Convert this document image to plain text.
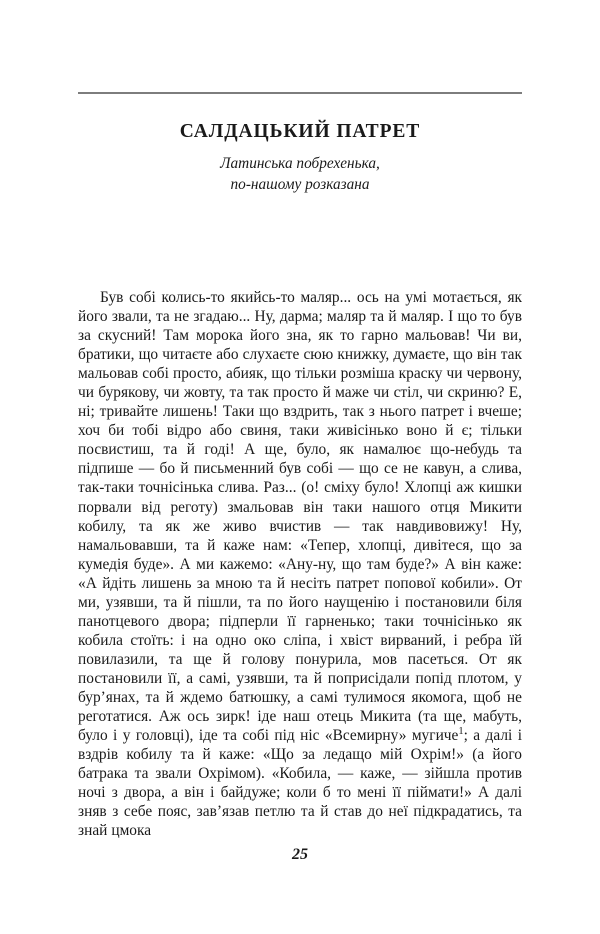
САЛДАЦЬКИЙ ПАТРЕТ
Латинська побрехенька,
по-нашому розказана

Був собі колись-то якийсь-то маляр... ось на умі мотається, як його звали, та не згадаю... Ну, дарма; маляр та й маляр. І що то був за скусний! Там морока його зна, як то гарно мальовав! Чи ви, братики, що читаєте або слухаєте сюю книжку, думаєте, що він так мальовав собі просто, абияк, що тільки розміша краску чи червону, чи бурякову, чи жовту, та так просто й маже чи стіл, чи скриню? Е, ні; тривайте лишень! Таки що вздрить, так з нього патрет і вчеше; хоч би тобі відро або свиня, таки живісінько воно й є; тільки посвистиш, та й годі! А ще, було, як намалює що-небудь та підпише — бо й письменний був собі — що се не кавун, а слива, так-таки точнісінька слива. Раз... (о! сміху було! Хлопці аж кишки порвали від реготу) змальовав він таки нашого отця Микити кобилу, та як же живо вчистив — так навдивовижу! Ну, намальовавши, та й каже нам: «Тепер, хлопці, дивітеся, що за кумедія буде». А ми кажемо: «Ану-ну, що там буде?» А він каже: «А йдіть лишень за мною та й несіть патрет попової кобили». От ми, узявши, та й пішли, та по його наущенію і постановили біля панотцевого двора; підперли її гарненько; таки точнісінько як кобила стоїть: і на одно око сліпа, і хвіст вирваний, і ребра їй повилазили, та ще й голову понурила, мов пасеться. От як постановили її, а самі, узявши, та й поприсідали попід плотом, у бур’янах, та й ждемо батюшку, а самі тулимося якомога, щоб не реготатися. Аж ось зирк! іде наш отець Микита (та ще, мабуть, було і у головці), іде та собі під ніс «Всемирну» мугиче$^1$; а далі і вздрів кобилу та й каже: «Що за ледащо мій Охрім!» (а його батрака та звали Охрімом). «Кобила, — каже, — зійшла против ночі з двора, а він і байдуже; коли б то мені її піймати!» А далі зняв з себе пояс, зав’язав петлю та й став до неї підкрадатись, та знай цмока

25
